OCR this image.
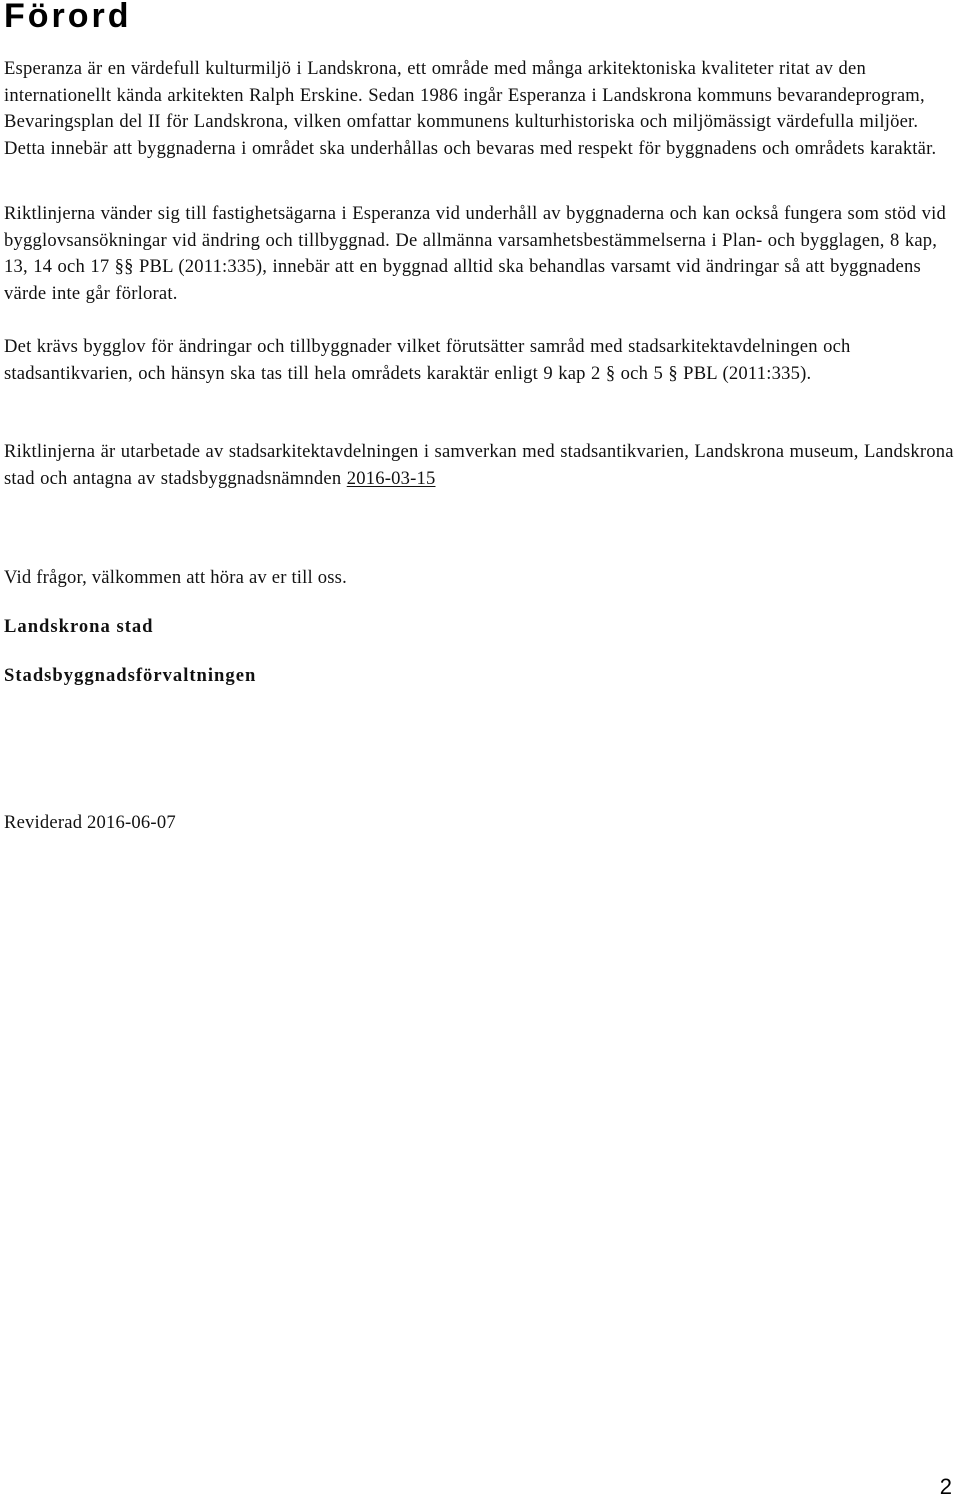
Förord

Esperanza är en värdefull kulturmiljö i Landskrona, ett område med många arkitektoniska kvaliteter ritat av den internationellt kända arkitekten Ralph Erskine. Sedan 1986 ingår Esperanza i Landskrona kommuns bevarandeprogram, Bevaringsplan del II för Landskrona, vilken omfattar kommunens kulturhistoriska och miljömässigt värdefulla miljöer. Detta innebär att byggnaderna i området ska underhållas och bevaras med respekt för byggnadens och områdets karaktär.

Riktlinjerna vänder sig till fastighetsägarna i Esperanza vid underhåll av byggnaderna och kan också fungera som stöd vid bygglovsansökningar vid ändring och tillbyggnad. De allmänna varsamhetsbestämmelserna i Plan- och bygglagen, 8 kap, 13, 14 och 17 §§ PBL (2011:335), innebär att en byggnad alltid ska behandlas varsamt vid ändringar så att byggnadens värde inte går förlorat.

Det krävs bygglov för ändringar och tillbyggnader vilket förutsätter samråd med stadsarkitektavdelningen och stadsantikvarien, och hänsyn ska tas till hela områdets karaktär enligt 9 kap 2 § och 5 § PBL (2011:335).

Riktlinjerna är utarbetade av stadsarkitektavdelningen i samverkan med stadsantikvarien, Landskrona museum, Landskrona stad och antagna av stadsbyggnadsnämnden 2016-03-15

Vid frågor, välkommen att höra av er till oss.

Landskrona stad

Stadsbyggnadsförvaltningen

Reviderad 2016-06-07

2
